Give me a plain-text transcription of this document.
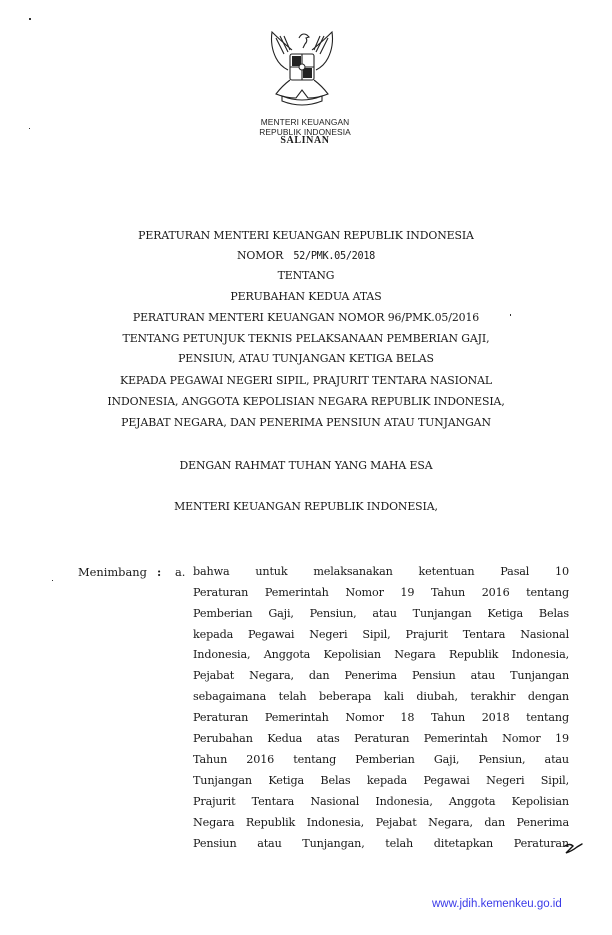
MENTERI KEUANGAN
REPUBLIK INDONESIA
SALINAN
PERATURAN MENTERI KEUANGAN REPUBLIK INDONESIA
NOMOR 52/PMK.05/2018
TENTANG
PERUBAHAN KEDUA ATAS
PERATURAN MENTERI KEUANGAN NOMOR 96/PMK.05/2016
TENTANG PETUNJUK TEKNIS PELAKSANAAN PEMBERIAN GAJI,
PENSIUN, ATAU TUNJANGAN KETIGA BELAS
KEPADA PEGAWAI NEGERI SIPIL, PRAJURIT TENTARA NASIONAL
INDONESIA, ANGGOTA KEPOLISIAN NEGARA REPUBLIK INDONESIA,
PEJABAT NEGARA, DAN PENERIMA PENSIUN ATAU TUNJANGAN
DENGAN RAHMAT TUHAN YANG MAHA ESA
MENTERI KEUANGAN REPUBLIK INDONESIA,
Menimbang : a. bahwa untuk melaksanakan ketentuan Pasal 10
Peraturan Pemerintah Nomor 19 Tahun 2016 tentang
Pemberian Gaji, Pensiun, atau Tunjangan Ketiga Belas
kepada Pegawai Negeri Sipil, Prajurit Tentara Nasional
Indonesia, Anggota Kepolisian Negara Republik Indonesia,
Pejabat Negara, dan Penerima Pensiun atau Tunjangan
sebagaimana telah beberapa kali diubah, terakhir dengan
Peraturan Pemerintah Nomor 18 Tahun 2018 tentang
Perubahan Kedua atas Peraturan Pemerintah Nomor 19
Tahun 2016 tentang Pemberian Gaji, Pensiun, atau
Tunjangan Ketiga Belas kepada Pegawai Negeri Sipil,
Prajurit Tentara Nasional Indonesia, Anggota Kepolisian
Negara Republik Indonesia, Pejabat Negara, dan Penerima
Pensiun atau Tunjangan, telah ditetapkan Peraturan
www.jdih.kemenkeu.go.id
